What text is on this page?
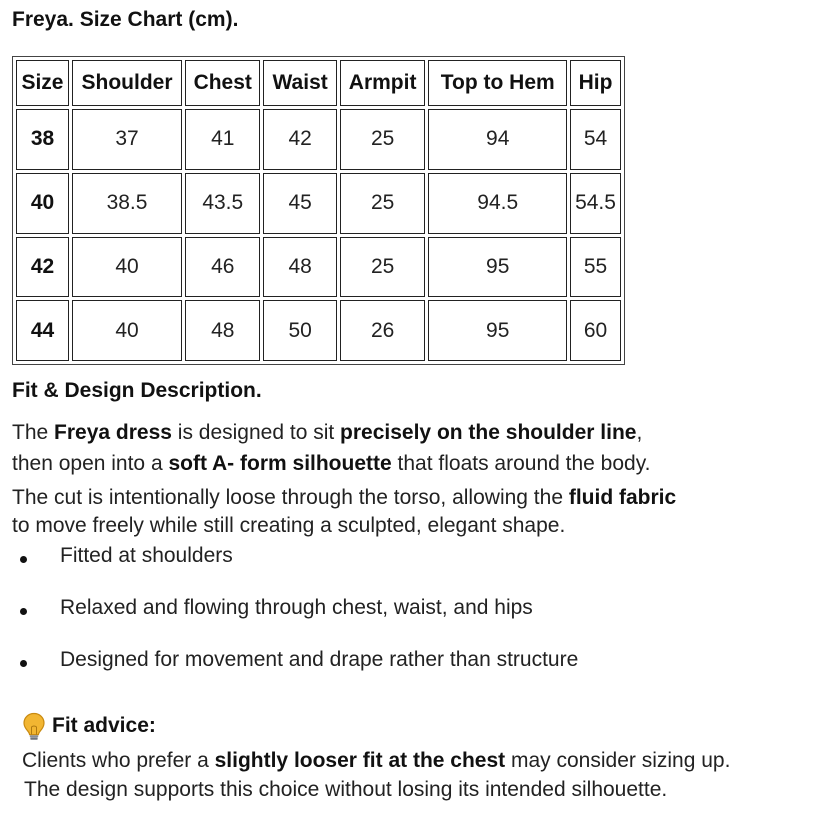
Freya. Size Chart (cm).
Size	Shoulder	Chest	Waist	Armpit	Top to Hem	Hip
38	37	41	42	25	94	54
40	38.5	43.5	45	25	94.5	54.5
42	40	46	48	25	95	55
44	40	48	50	26	95	60
Fit & Design Description.
The Freya dress is designed to sit precisely on the shoulder line,
then open into a soft A- form silhouette that floats around the body.
The cut is intentionally loose through the torso, allowing the fluid fabric
to move freely while still creating a sculpted, elegant shape.
Fitted at shoulders
Relaxed and flowing through chest, waist, and hips
Designed for movement and drape rather than structure
Fit advice:
Clients who prefer a slightly looser fit at the chest may consider sizing up.
The design supports this choice without losing its intended silhouette.
